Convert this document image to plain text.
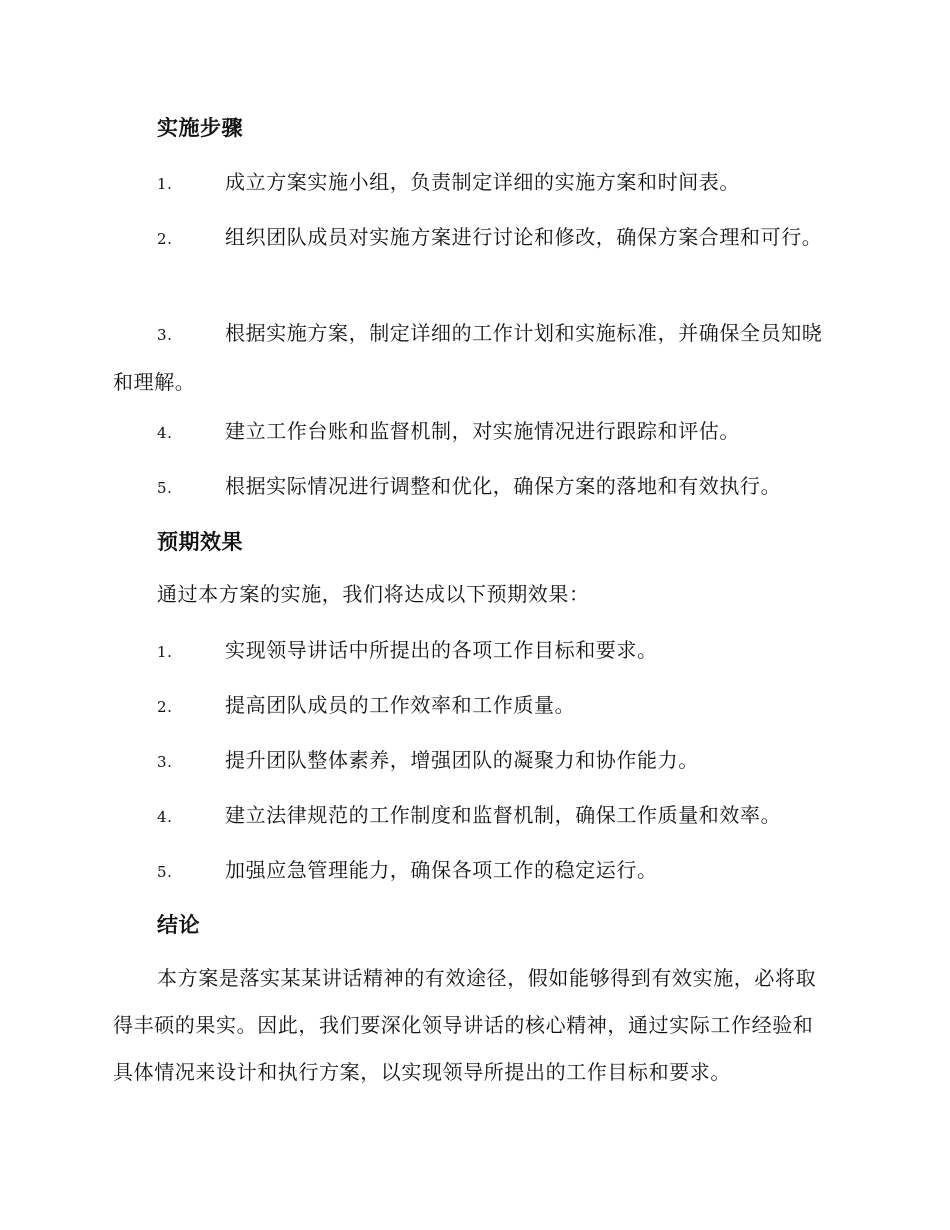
实施步骤
1.	成立方案实施小组，负责制定详细的实施方案和时间表。
2.	组织团队成员对实施方案进行讨论和修改，确保方案合理和可行。
3.	根据实施方案，制定详细的工作计划和实施标准，并确保全员知晓和理解。
4.	建立工作台账和监督机制，对实施情况进行跟踪和评估。
5.	根据实际情况进行调整和优化，确保方案的落地和有效执行。
预期效果
通过本方案的实施，我们将达成以下预期效果：
1.	实现领导讲话中所提出的各项工作目标和要求。
2.	提高团队成员的工作效率和工作质量。
3.	提升团队整体素养，增强团队的凝聚力和协作能力。
4.	建立法律规范的工作制度和监督机制，确保工作质量和效率。
5.	加强应急管理能力，确保各项工作的稳定运行。
结论
本方案是落实某某讲话精神的有效途径，假如能够得到有效实施，必将取得丰硕的果实。因此，我们要深化领导讲话的核心精神，通过实际工作经验和具体情况来设计和执行方案，以实现领导所提出的工作目标和要求。
